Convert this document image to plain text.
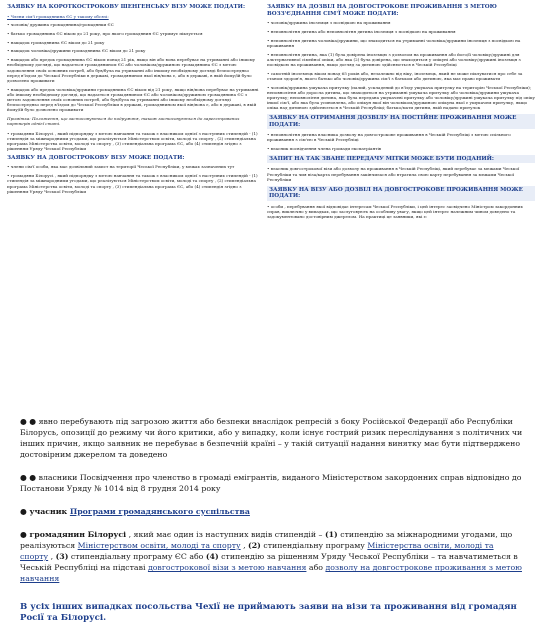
ЗАЯВКУ НА КОРОТКОСТРОКОВУ ШЕНГЕНСЬКУ ВІЗУ МОЖЕ ПОДАТИ:
• Члени сім'ї громадянина ЄС у такому обсязі:
• чоловік/ дружина громадянина/громадянки ЄС
• батько громадянина ЄС віком до 21 року, про якого громадянин ЄС утримує піклується
• нащадок громадянина ЄС віком до 21 року
• нащадок чоловіка/дружини громадянина ЄС віком до 21 року
• нащадок або предок громадянина ЄС віком понад 21 рік, якщо він або вона перебуває на утриманні або іншому необхідному догляді, що надається громадянином ЄС або чоловіком/дружиною громадянина ЄС з метою задоволення своїх основних потреб, або був/була на утриманні або іншому необхідному догляді безпосередньо перед в'їздом до Чеської Республіки в державі, громадянином якої він/вона є, або в державі, в якій йому/їй було дозволено проживати
• нащадок або предок чоловіка/дружини громадянина ЄС віком від 21 року, якщо він/вона перебуває на утриманні або іншому необхідному догляді, що надається громадянином ЄС або чоловіком/дружиною громадянина ЄС з метою задоволення своїх основних потреб, або був/була на утриманні або іншому необхідному догляді безпосередньо перед в'їздом до Чеської Республіки в державі, громадянином якої він/вона є, або в державі, в якій йому/їй було дозволено проживати
Примітка: Положення, що застосовуються до подружжя, також застосовуються до зареєстрованих партнерів однієї статі.
• громадяни Білорусі , який підпорядку з метою навчання та також є власником однієї з наступних стипендій - (1) стипендія за міжнародними угодами, що реалізуються Міністерством освіти, молоді та спорту , (2) стипендіальна програма Міністерства освіти, молоді та спорту , (3) стипендіальна програма ЄС, або (4) стипендія згідно з рішенням Уряду Чеської Республіки
ЗАЯВКУ НА ДОВГОСТРОКОВУ ВІЗУ МОЖЕ ПОДАТИ:
• члени сім'ї особи, яка має дозвільний захист на території Чеської Республіки, у межах зазначених тут
• громадяни Білорусі , який підпорядку з метою навчання та також є власником однієї з наступних стипендій - (1) стипендія за міжнародними угодами, що реалізуються Міністерством освіти, молоді та спорту , (2) стипендіальна програма Міністерства освіти, молоді та спорту , (3) стипендіальна програма ЄС, або (4) стипендія згідно з рішенням Уряду Чеської Республіки
ЗАЯВКУ НА ДОЗВІЛ НА ДОВГОСТРОКОВЕ ПРОЖИВАННЯ З МЕТОЮ ВОЗЗ'ЄДНАННЯ СІМ'Ї МОЖЕ ПОДАТИ:
• чоловік/дружина іноземця з посвідкою на проживання
• неповнолітня дитина або неповнолітня дитина іноземця з посвідкою на проживання
• неповнолітня дитина чоловіка/дружини, що знаходиться на утриманні чоловіка/дружини іноземця з посвідкою на проживання
• неповнолітня дитина, яка (1) була довірена іноземцю з дозволом на проживання або його/її чоловіку/дружині для альтернативної сімейної опіки, або яка (2) була довірена, що знаходиться у опікуні або чоловіку/дружині іноземця з посвідкою на проживання, якщо догляд за дитиною здійснюється в Чеській Республіці
• самотній іноземець віком понад 65 років або, незалежно від віку, іноземець, який не може піклуватися про себе за станом здоров'я, якого батько або чоловік/дружина сім'ї з батьком або дитиною, яка має право проживати
• чоловік/дружина ушукача притулку (палий, ускладений до в'їзду ушукача притулку на територію Чеської Республіки); неповнолітня або доросла дитина, що знаходиться на утриманні ушукача притулку або чоловіка/дружини ушукача притулку; неповнолітня дитина, яка була передана ушукачеві притулку або чоловіку/дружині ушукача притулку під опіку іншої сім'ї, або яка була усиновлена, або опікун якої він чоловіком/дружиною опікуна якої є ушукачем притулку, якщо опіка над дитиною здійснюється в Чеській Республіці; батько/мати дитини, якій надано притулок
ЗАЯВКУ НА ОТРИМАННЯ ДОЗВІЛУ НА ПОСТІЙНЕ ПРОЖИВАННЯ МОЖЕ ПОДАТИ:
• неповнолітня дитина власника дозволу на довгострокове проживання в Чеській Республіці з метою спільного проживання з сім'єю в Чеській Республіці
• власник посвідчення члена громади експатріантів
ЗАПИТ НА ТАК ЗВАНЕ ПЕРЕДАЧУ МІТКИ МОЖЕ БУТИ ПОДАНИЙ:
• власник довгострокової візи або дозволу на проживання в Чеській Республіці, який перебуває за межами Чеської Республіки та чия віза/карта перебування закінчилася або втратила свою карту перебування за межами Чеської Республіки
ЗАЯВКУ НА ВІЗУ АБО ДОЗВІЛ НА ДОВГОСТРОКОВЕ ПРОЖИВАННЯ МОЖЕ ПОДАТИ:
• особи , перебування якої відповідає інтересам Чеської Республіки, і цей інтерес засвідчено Міністром закордонних справ, виключно у випадках, що заслуговують на особливу увагу, якщо цей інтерес належним чином доведено та задокументовано достовірним джерелом. На практиці це заявники, які є:

● ● явно перебувають під загрозою життя або безпеки внаслідок репресій з боку Російської Федерації або Республіки Білорусь, опозиції до режиму чи його критики, або у випадку, коли існує гострий ризик переслідування з політичних чи інших причин, якщо заявник не перебуває в безпечній країні – у такій ситуації надання винятку має бути підтверджено достовірним джерелом та доведено

● ● власники Посвідчення про членство в громаді емігрантів, виданого Міністерством закордонних справ відповідно до Постанови Уряду № 1014 від 8 грудня 2014 року

● учасник Програми громадянського суспільства

● громадянин Білорусі , який має один із наступних видів стипендій – (1) стипендію за міжнародними угодами, що реалізуються Міністерством освіти, молоді та спорту , (2) стипендіальну програму Міністерства освіти, молоді та спорту , (3) стипендіальну програму ЄС або (4) стипендію за рішенням Уряду Чеської Республіки – та навчатиметься в Чеській Республіці на підставі довгострокової візи з метою навчання або дозволу на довгострокове проживання з метою навчання

В усіх інших випадках посольства Чехії не приймають заяви на візи та проживання від громадян Росії та Білорусі.
